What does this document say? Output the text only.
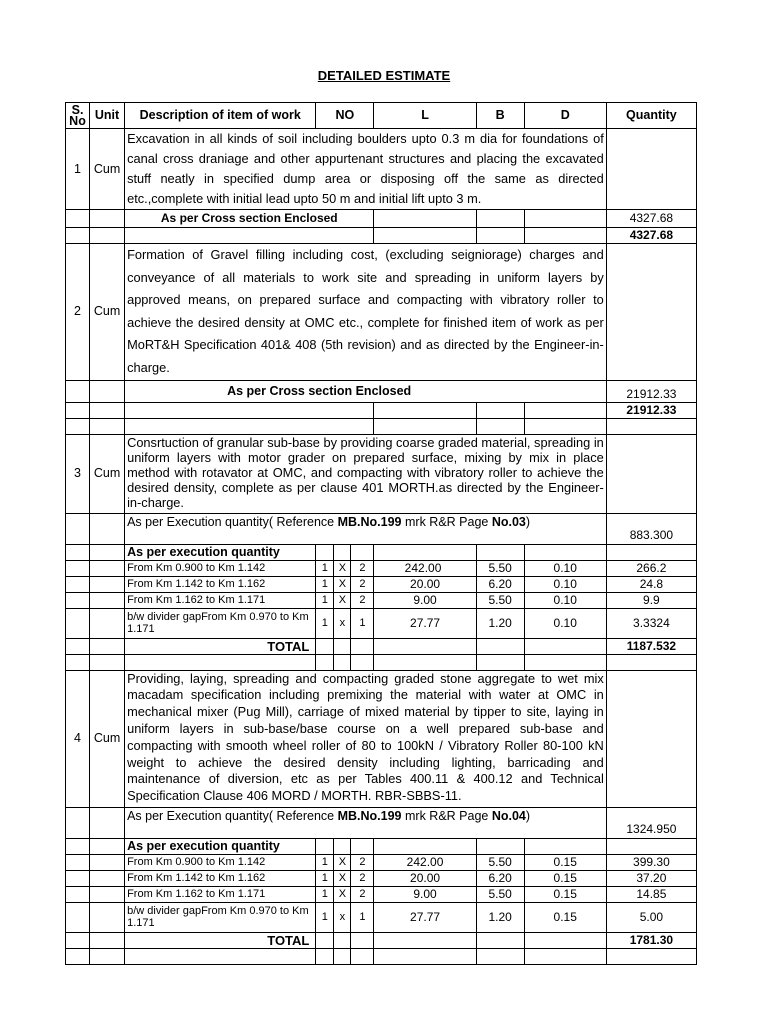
DETAILED ESTIMATE
S. No	Unit	Description of item of work	NO			L	B	D	Quantity
1	Cum	Excavation in all kinds of soil including boulders upto 0.3 m dia for foundations of canal cross draniage and other appurtenant structures and placing the excavated stuff neatly in specified dump area or disposing off the same as directed etc.,complete with initial lead upto 50 m and initial lift upto 3 m.							
		As per Cross section Enclosed							4327.68
									4327.68
2	Cum	Formation of Gravel filling including cost, (excluding seigniorage) charges and conveyance of all materials to work site and spreading in uniform layers by approved means, on prepared surface and compacting with vibratory roller to achieve the desired density at OMC etc., complete for finished item of work as per MoRT&H Specification 401& 408 (5th revision) and as directed by the Engineer-in-charge.							
		As per Cross section Enclosed							21912.33
									21912.33

3	Cum	Consrtuction of granular sub-base by providing coarse graded material, spreading in uniform layers with motor grader on prepared surface, mixing by mix in place method with rotavator at OMC, and compacting with vibratory roller to achieve the desired density, complete as per clause 401 MORTH.as directed by the Engineer-in-charge.							
		As per Execution quantity( Reference MB.No.199 mrk R&R Page No.03)							883.300
		As per execution quantity							
		From Km 0.900 to Km 1.142	1	X	2	242.00	5.50	0.10	266.2
		From Km 1.142 to Km 1.162	1	X	2	20.00	6.20	0.10	24.8
		From Km 1.162 to Km 1.171	1	X	2	9.00	5.50	0.10	9.9
		b/w divider gapFrom Km 0.970 to Km 1.171	1	x	1	27.77	1.20	0.10	3.3324
		TOTAL							1187.532

4	Cum	Providing, laying, spreading and compacting graded stone aggregate to wet mix macadam specification including premixing the material with water at OMC in mechanical mixer (Pug Mill), carriage of mixed material by tipper to site, laying in uniform layers in sub-base/base course on a well prepared sub-base and compacting with smooth wheel roller of 80 to 100kN / Vibratory Roller 80-100 kN weight to achieve the desired density including lighting, barricading and maintenance of diversion, etc as per Tables 400.11 & 400.12 and Technical Specification Clause 406 MORD / MORTH. RBR-SBBS-11.							
		As per Execution quantity( Reference MB.No.199 mrk R&R Page No.04)							1324.950
		As per execution quantity							
		From Km 0.900 to Km 1.142	1	X	2	242.00	5.50	0.15	399.30
		From Km 1.142 to Km 1.162	1	X	2	20.00	6.20	0.15	37.20
		From Km 1.162 to Km 1.171	1	X	2	9.00	5.50	0.15	14.85
		b/w divider gapFrom Km 0.970 to Km 1.171	1	x	1	27.77	1.20	0.15	5.00
		TOTAL							1781.30
